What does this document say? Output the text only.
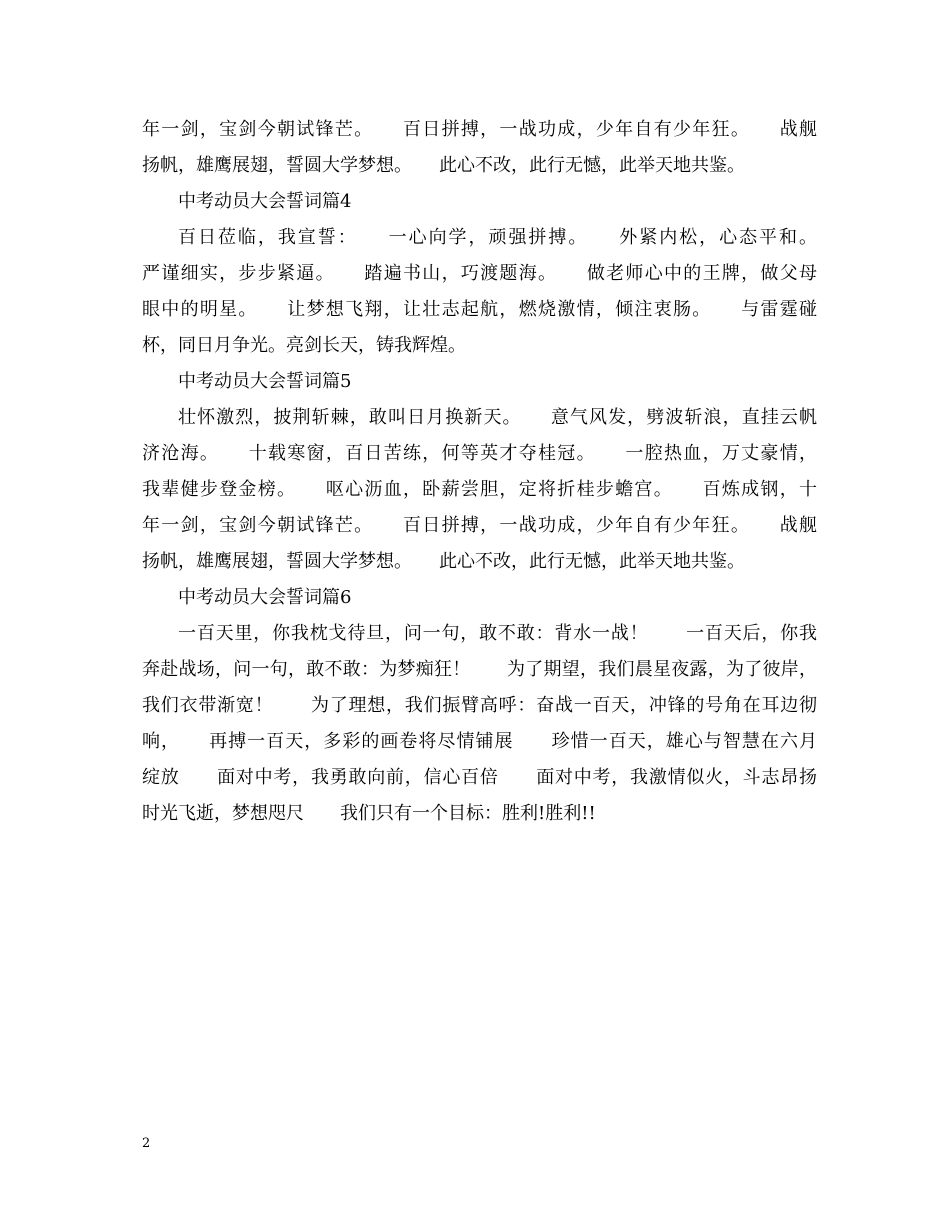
年一剑，宝剑今朝试锋芒。　　百日拼搏，一战功成，少年自有少年狂。　　战舰
扬帆，雄鹰展翅，誓圆大学梦想。　　此心不改，此行无憾，此举天地共鉴。
中考动员大会誓词篇4
百日莅临，我宣誓：　　一心向学，顽强拼搏。　　外紧内松，心态平和。
严谨细实，步步紧逼。　　踏遍书山，巧渡题海。　　做老师心中的王牌，做父母
眼中的明星。　　让梦想飞翔，让壮志起航，燃烧激情，倾注衷肠。　　与雷霆碰
杯，同日月争光。亮剑长天，铸我辉煌。
中考动员大会誓词篇5
壮怀激烈，披荆斩棘，敢叫日月换新天。　　意气风发，劈波斩浪，直挂云帆
济沧海。　　十载寒窗，百日苦练，何等英才夺桂冠。　　一腔热血，万丈豪情，
我辈健步登金榜。　　呕心沥血，卧薪尝胆，定将折桂步蟾宫。　　百炼成钢，十
年一剑，宝剑今朝试锋芒。　　百日拼搏，一战功成，少年自有少年狂。　　战舰
扬帆，雄鹰展翅，誓圆大学梦想。　　此心不改，此行无憾，此举天地共鉴。
中考动员大会誓词篇6
一百天里，你我枕戈待旦，问一句，敢不敢：背水一战！　　一百天后，你我
奔赴战场，问一句，敢不敢：为梦痴狂！　　为了期望，我们晨星夜露，为了彼岸，
我们衣带渐宽！　　为了理想，我们振臂高呼：奋战一百天，冲锋的号角在耳边彻
响，　　再搏一百天，多彩的画卷将尽情铺展　　珍惜一百天，雄心与智慧在六月
绽放　　面对中考，我勇敢向前，信心百倍　　面对中考，我激情似火，斗志昂扬
时光飞逝，梦想咫尺　　我们只有一个目标：胜利!胜利!!
2
